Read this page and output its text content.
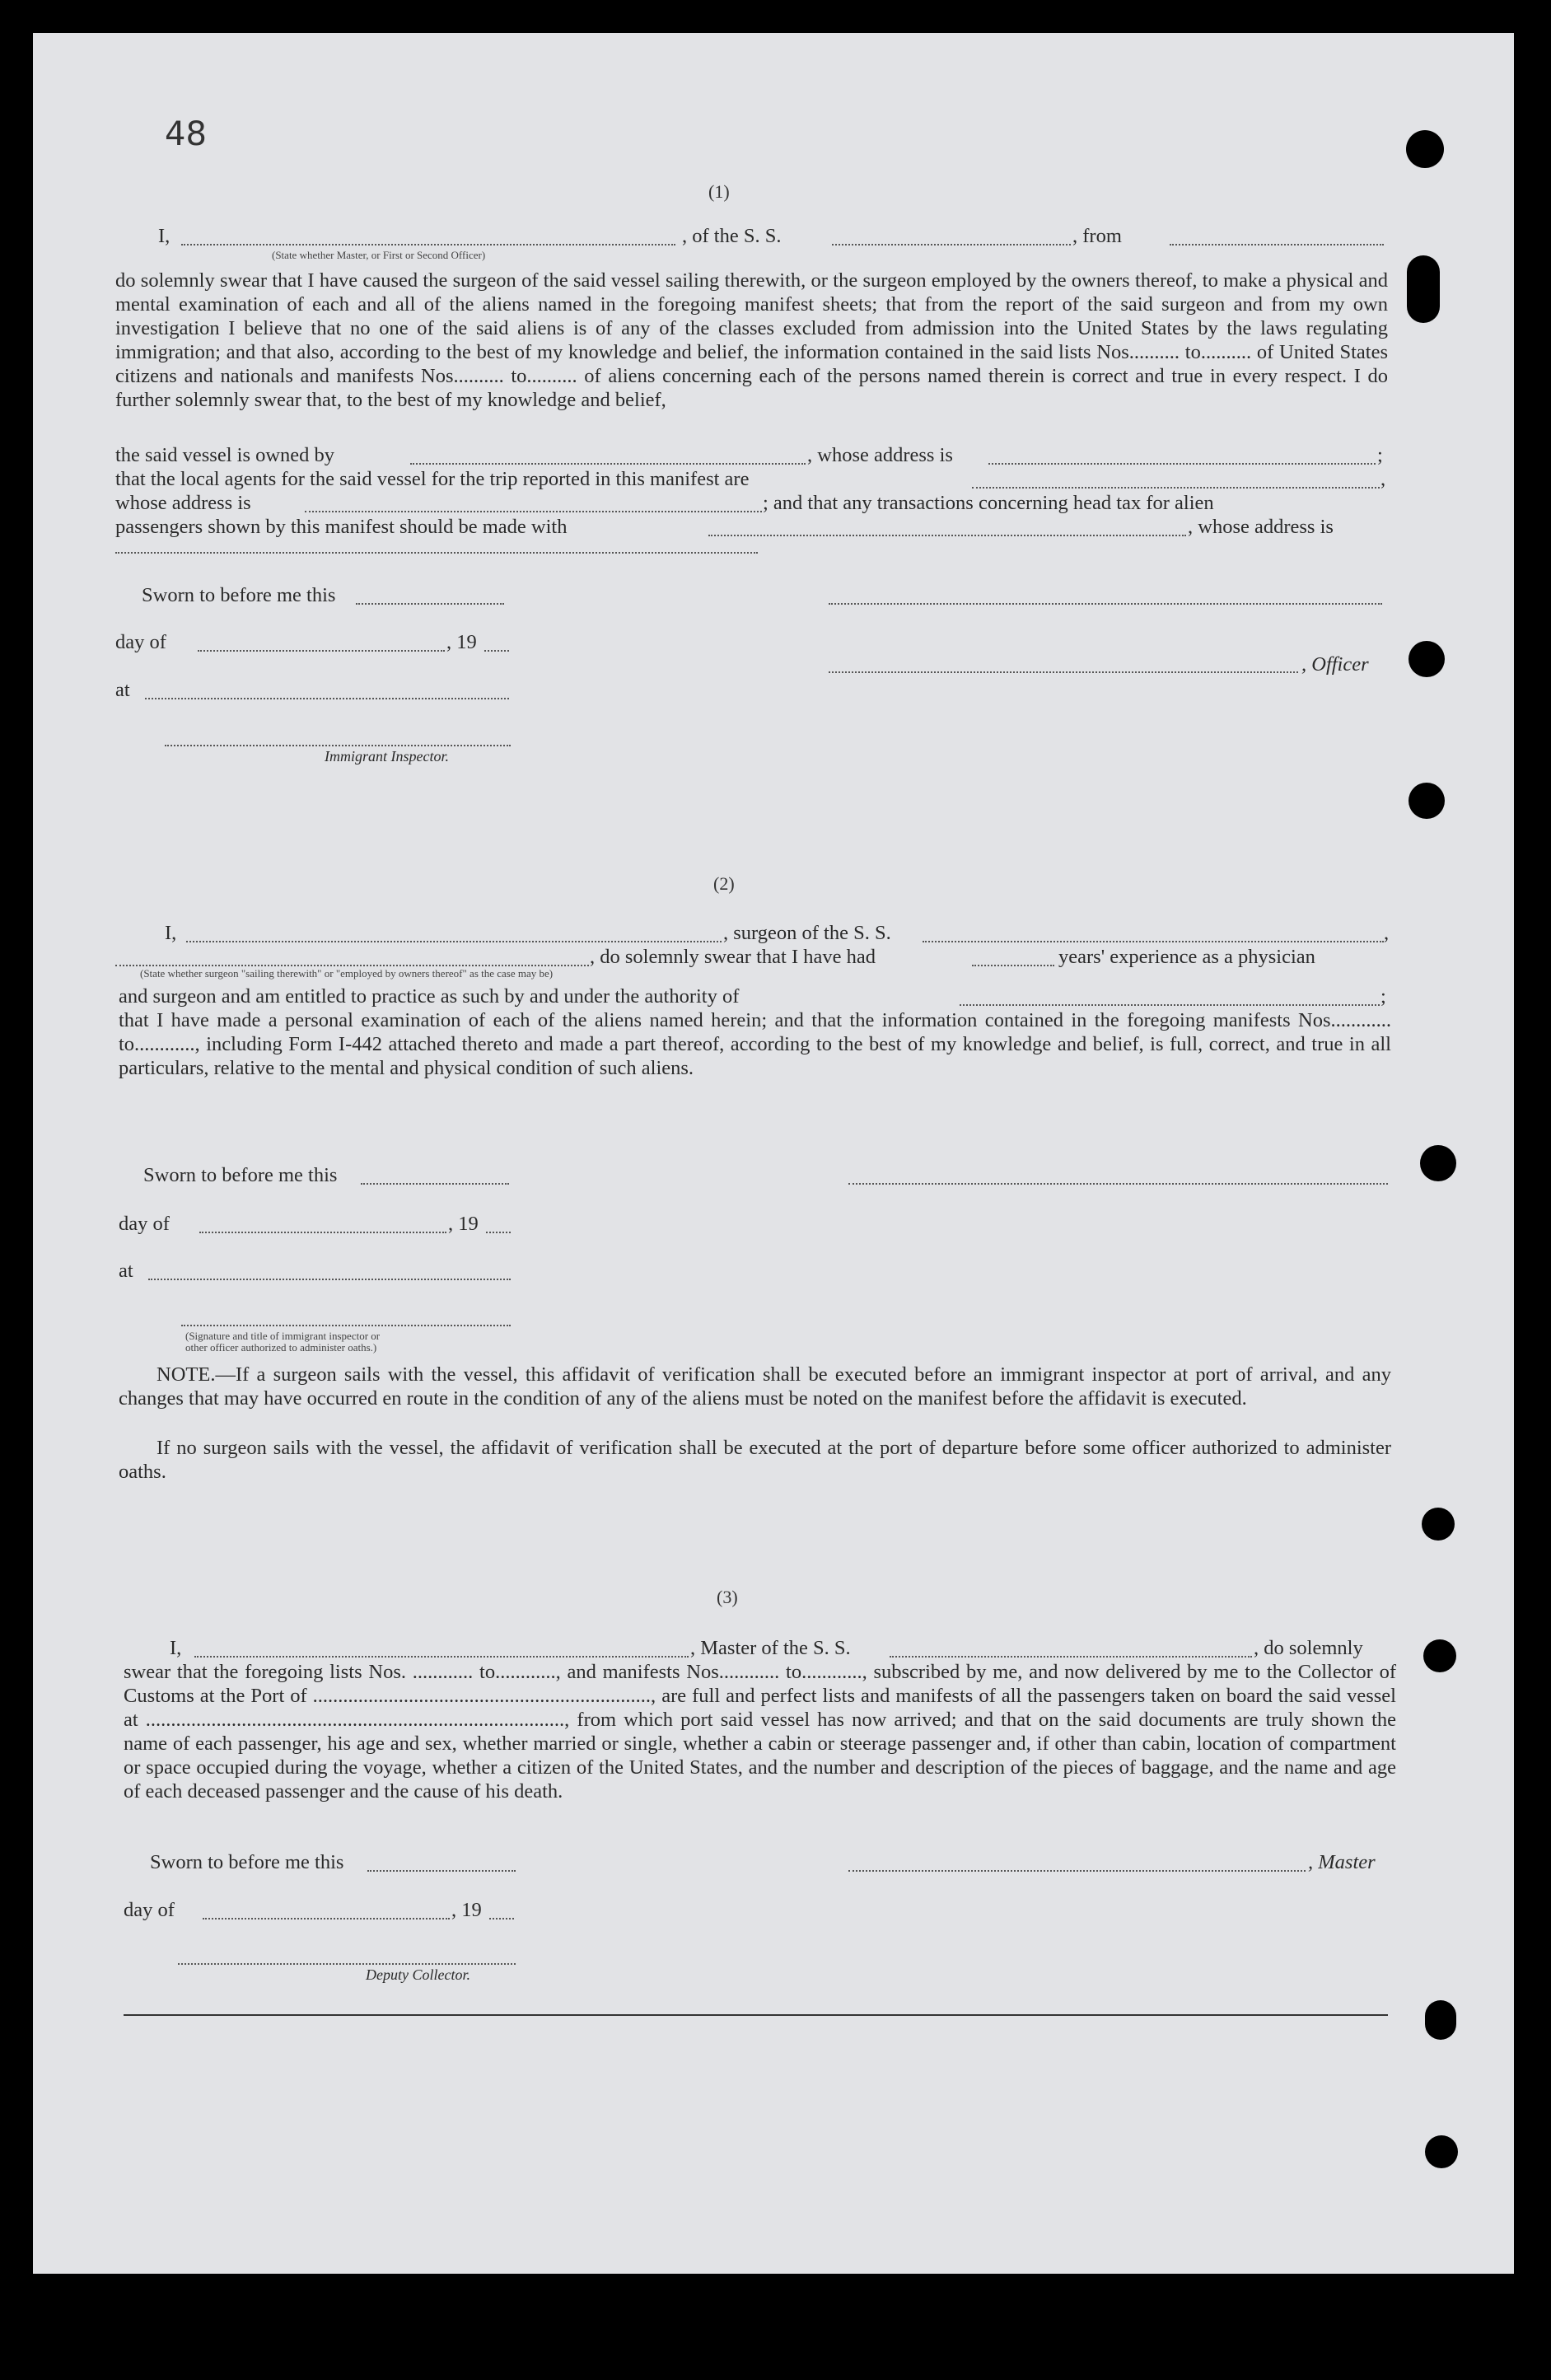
48
(1)
I,	, of the S. S.	, from
(State whether Master, or First or Second Officer)
do solemnly swear that I have caused the surgeon of the said vessel sailing therewith, or the surgeon employed by the owners thereof, to make a physical and mental examination of each and all of the aliens named in the foregoing manifest sheets; that from the report of the said surgeon and from my own investigation I believe that no one of the said aliens is of any of the classes excluded from admission into the United States by the laws regulating immigration; and that also, according to the best of my knowledge and belief, the information contained in the said lists Nos.......... to.......... of United States citizens and nationals and manifests Nos.......... to.......... of aliens concerning each of the persons named therein is correct and true in every respect. I do further solemnly swear that, to the best of my knowledge and belief,
the said vessel is owned by	, whose address is	;
that the local agents for the said vessel for the trip reported in this manifest are	,
whose address is	; and that any transactions concerning head tax for alien
passengers shown by this manifest should be made with	, whose address is
Sworn to before me this
day of	, 19
, Officer
at
Immigrant Inspector.
(2)
I,	, surgeon of the S. S.	,
, do solemnly swear that I have had	years' experience as a physician
(State whether surgeon "sailing therewith" or "employed by owners thereof" as the case may be)
and surgeon and am entitled to practice as such by and under the authority of	;
that I have made a personal examination of each of the aliens named herein; and that the information contained in the foregoing manifests Nos............ to............, including Form I-442 attached thereto and made a part thereof, according to the best of my knowledge and belief, is full, correct, and true in all particulars, relative to the mental and physical condition of such aliens.
Sworn to before me this
day of	, 19
at
(Signature and title of immigrant inspector or
other officer authorized to administer oaths.)
NOTE.—If a surgeon sails with the vessel, this affidavit of verification shall be executed before an immigrant inspector at port of arrival, and any changes that may have occurred en route in the condition of any of the aliens must be noted on the manifest before the affidavit is executed.
If no surgeon sails with the vessel, the affidavit of verification shall be executed at the port of departure before some officer authorized to administer oaths.
(3)
I,	, Master of the S. S.	, do solemnly
swear that the foregoing lists Nos. ............ to............, and manifests Nos............ to............, subscribed by me, and now delivered by me to the Collector of Customs at the Port of ..................................................................., are full and perfect lists and manifests of all the passengers taken on board the said vessel at ..................................................................................., from which port said vessel has now arrived; and that on the said documents are truly shown the name of each passenger, his age and sex, whether married or single, whether a cabin or steerage passenger and, if other than cabin, location of compartment or space occupied during the voyage, whether a citizen of the United States, and the number and description of the pieces of baggage, and the name and age of each deceased passenger and the cause of his death.
Sworn to before me this	, Master
day of	, 19
Deputy Collector.
